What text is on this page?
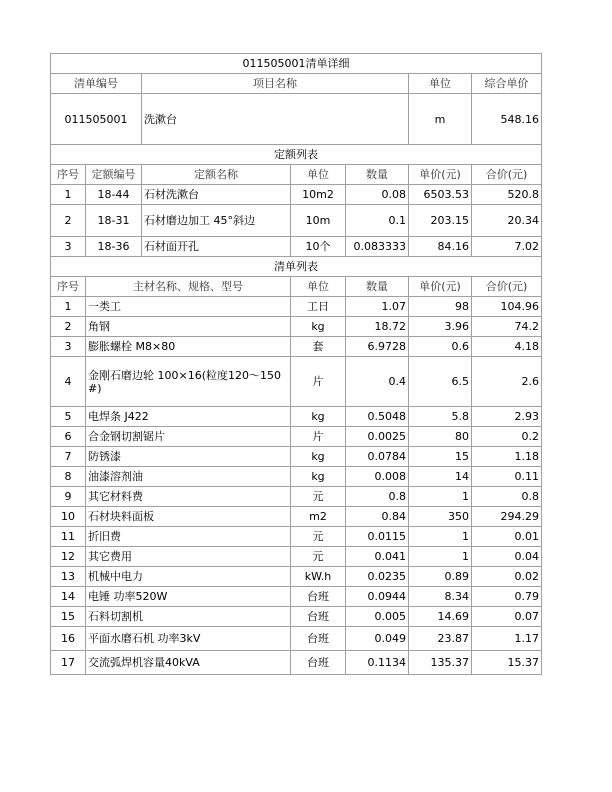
011505001清单详细						
清单编号		项目名称			单位	综合单价
011505001		洗漱台			m	548.16
定额列表						
序号	定额编号	定额名称	单位	数量	单价(元)	合价(元)
1	18-44	石材洗漱台	10m2	0.08	6503.53	520.8
2	18-31	石材磨边加工 45°斜边	10m	0.1	203.15	20.34
3	18-36	石材面开孔	10个	0.083333	84.16	7.02
清单列表						
序号	主材名称、规格、型号		单位	数量	单价(元)	合价(元)
1	一类工		工日	1.07	98	104.96
2	角钢		kg	18.72	3.96	74.2
3	膨胀螺栓 M8×80		套	6.9728	0.6	4.18
4	金刚石磨边轮 100×16(粒度120～150#)		片	0.4	6.5	2.6
5	电焊条 J422		kg	0.5048	5.8	2.93
6	合金钢切割锯片		片	0.0025	80	0.2
7	防锈漆		kg	0.0784	15	1.18
8	油漆溶剂油		kg	0.008	14	0.11
9	其它材料费		元	0.8	1	0.8
10	石材块料面板		m2	0.84	350	294.29
11	折旧费		元	0.0115	1	0.01
12	其它费用		元	0.041	1	0.04
13	机械中电力		kW.h	0.0235	0.89	0.02
14	电锤 功率520W		台班	0.0944	8.34	0.79
15	石料切割机		台班	0.005	14.69	0.07
16	平面水磨石机 功率3kV		台班	0.049	23.87	1.17
17	交流弧焊机容量40kVA		台班	0.1134	135.37	15.37
